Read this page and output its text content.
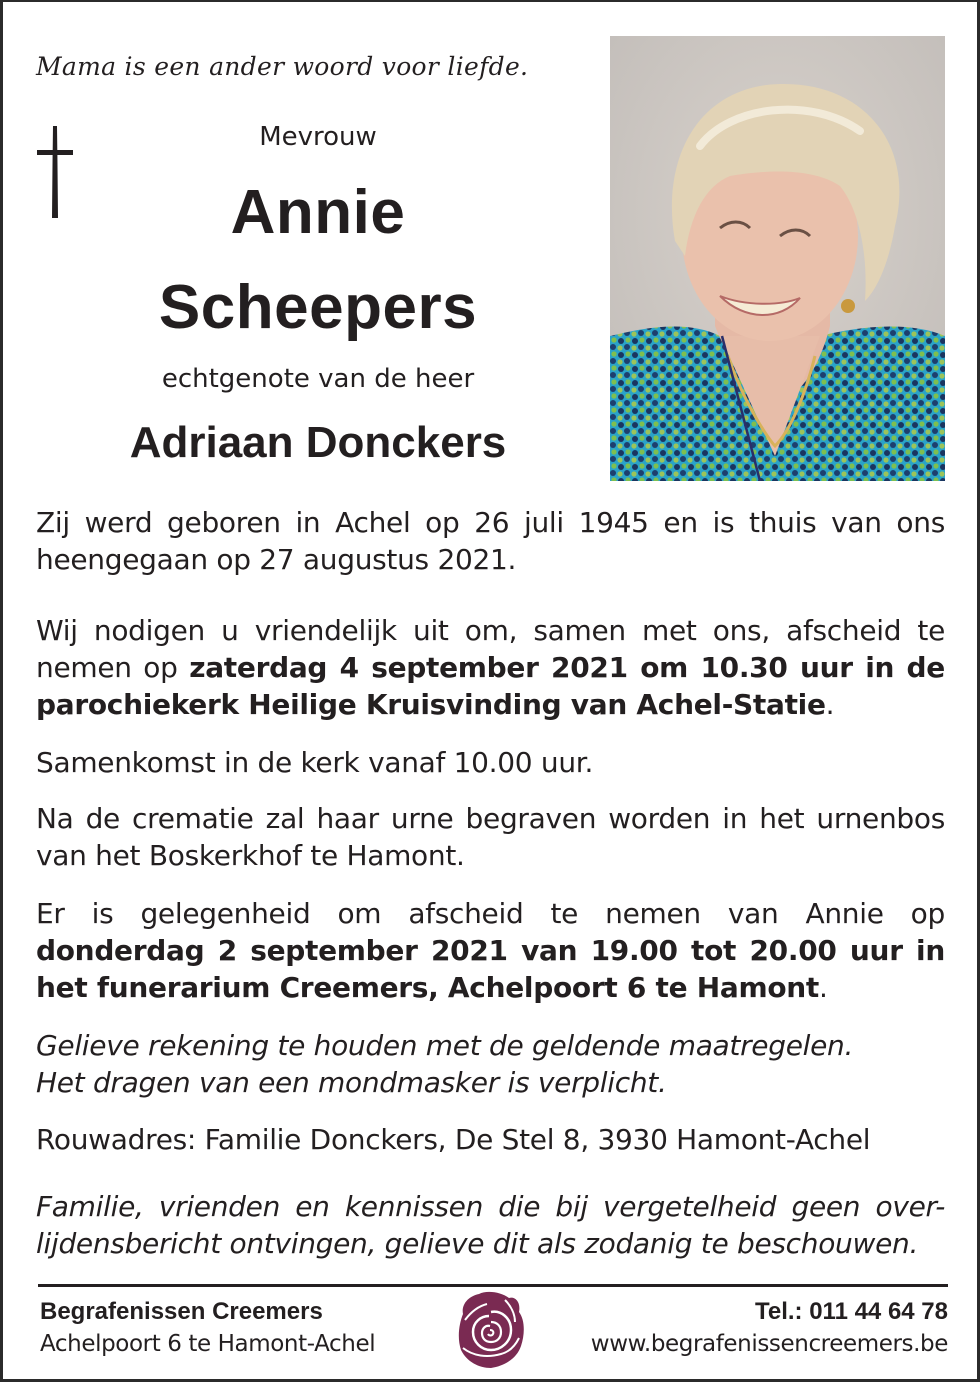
Mama is een ander woord voor liefde.
Mevrouw
Annie
Scheepers
echtgenote van de heer
Adriaan Donckers
Zij werd geboren in Achel op 26 juli 1945 en is thuis van ons heengegaan op 27 augustus 2021.
Wij nodigen u vriendelijk uit om, samen met ons, afscheid te nemen op zaterdag 4 september 2021 om 10.30 uur in de parochiekerk Heilige Kruisvinding van Achel-Statie.
Samenkomst in de kerk vanaf 10.00 uur.
Na de crematie zal haar urne begraven worden in het urnenbos van het Boskerkhof te Hamont.
Er is gelegenheid om afscheid te nemen van Annie op donderdag 2 september 2021 van 19.00 tot 20.00 uur in het funerarium Creemers, Achelpoort 6 te Hamont.
Gelieve rekening te houden met de geldende maatregelen.
Het dragen van een mondmasker is verplicht.
Rouwadres: Familie Donckers, De Stel 8, 3930 Hamont-Achel
Familie, vrienden en kennissen die bij vergetelheid geen over-lijdensbericht ontvingen, gelieve dit als zodanig te beschouwen.
Begrafenissen Creemers
Achelpoort 6 te Hamont-Achel
Tel.: 011 44 64 78
www.begrafenissencreemers.be
